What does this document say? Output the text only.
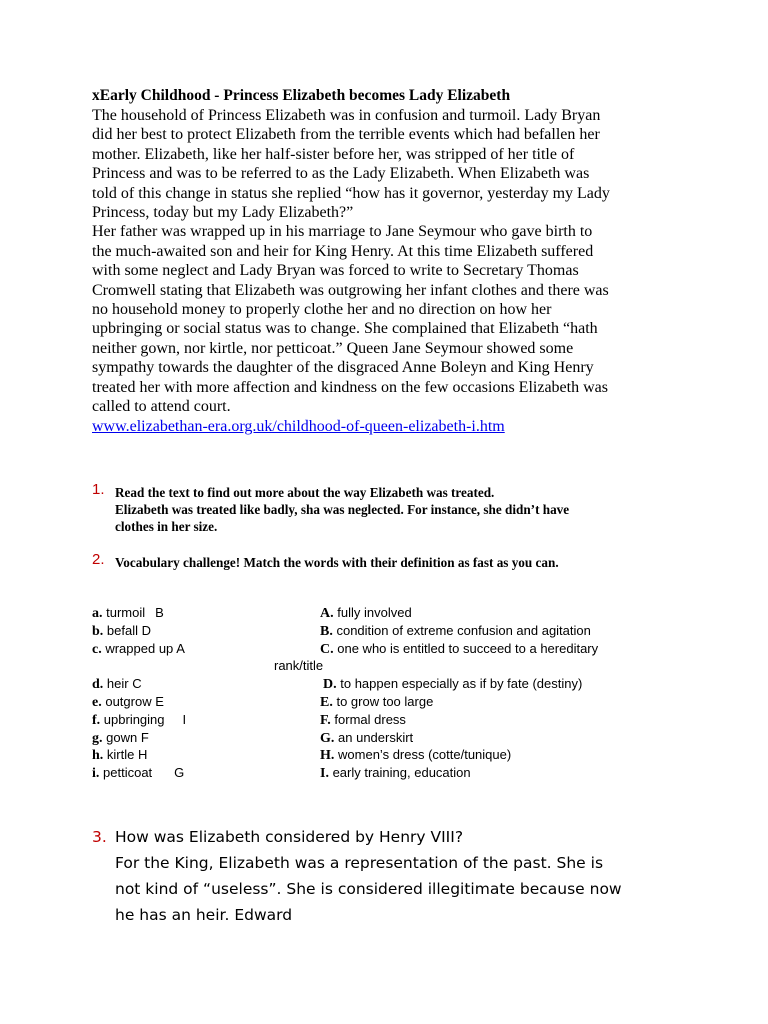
xEarly Childhood - Princess Elizabeth becomes Lady Elizabeth

The household of Princess Elizabeth was in confusion and turmoil. Lady Bryan

did her best to protect Elizabeth from the terrible events which had befallen her

mother. Elizabeth, like her half-sister before her, was stripped of her title of

Princess and was to be referred to as the Lady Elizabeth. When Elizabeth was

told of this change in status she replied “how has it governor, yesterday my Lady

Princess, today but my Lady Elizabeth?”

Her father was wrapped up in his marriage to Jane Seymour who gave birth to

the much-awaited son and heir for King Henry. At this time Elizabeth suffered

with some neglect and Lady Bryan was forced to write to Secretary Thomas

Cromwell stating that Elizabeth was outgrowing her infant clothes and there was

no household money to properly clothe her and no direction on how her

upbringing or social status was to change. She complained that Elizabeth “hath

neither gown, nor kirtle, nor petticoat.” Queen Jane Seymour showed some

sympathy towards the daughter of the disgraced Anne Boleyn and King Henry

treated her with more affection and kindness on the few occasions Elizabeth was

called to attend court.

www.elizabethan-era.org.uk/childhood-of-queen-elizabeth-i.htm

1. Read the text to find out more about the way Elizabeth was treated.

Elizabeth was treated like badly, sha was neglected. For instance, she didn’t have

clothes in her size.

2. Vocabulary challenge! Match the words with their definition as fast as you can.

a. turmoil B	A. fully involved
b. befall D	B. condition of extreme confusion and agitation
c. wrapped up A	C. one who is entitled to succeed to a hereditary
rank/title
d. heir C	D. to happen especially as if by fate (destiny)
e. outgrow E	E. to grow too large
f. upbringing I	F. formal dress
g. gown F	G. an underskirt
h. kirtle H	H. women’s dress (cotte/tunique)
i. petticoat G	I. early training, education
3. How was Elizabeth considered by Henry VIII?

For the King, Elizabeth was a representation of the past. She is

not kind of “useless”. She is considered illegitimate because now

he has an heir. Edward
